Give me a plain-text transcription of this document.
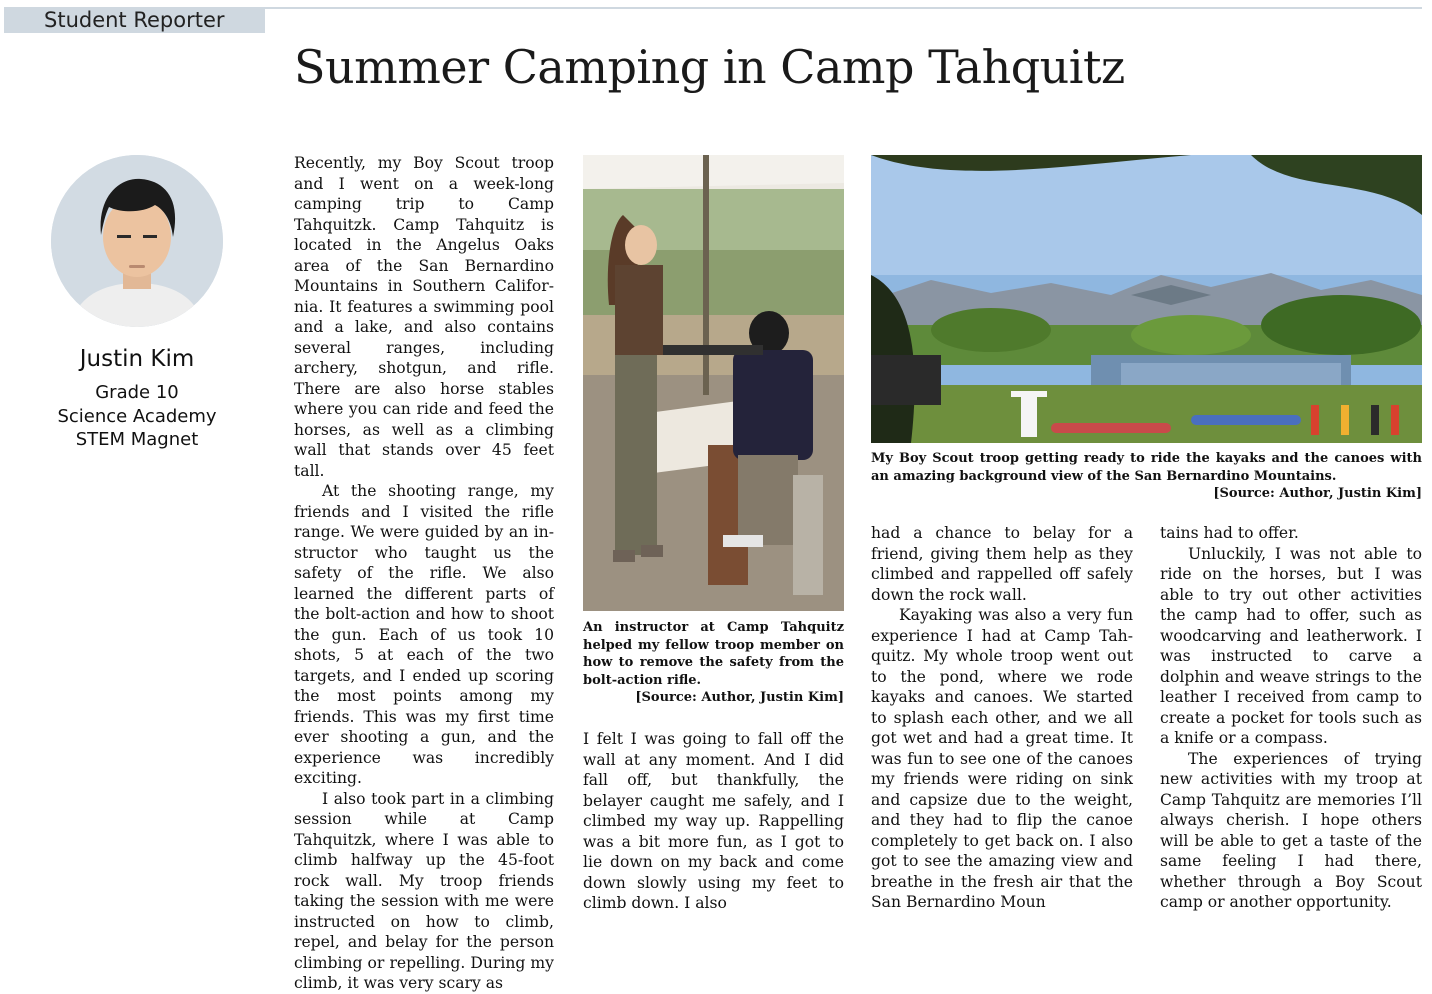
Student Reporter
Summer Camping in Camp Tahquitz
Justin Kim
Grade 10
Science Academy
STEM Magnet

Recently, my Boy Scout troop and I went on a week-long camping trip to Camp Tahquitzk. Camp Tahquitz is located in the Angelus Oaks area of the San Bernardino Mountains in Southern California. It features a swimming pool and a lake, and also contains several ranges, including archery, shotgun, and rifle. There are also horse stables where you can ride and feed the horses, as well as a climbing wall that stands over 45 feet tall.

At the shooting range, my friends and I visited the rifle range. We were guided by an instructor who taught us the safety of the rifle. We also learned the different parts of the bolt-action and how to shoot the gun. Each of us took 10 shots, 5 at each of the two targets, and I ended up scoring the most points among my friends. This was my first time ever shooting a gun, and the experience was incredibly exciting.

I also took part in a climbing session while at Camp Tahquitzk, where I was able to climb halfway up the 45-foot rock wall. My troop friends taking the session with me were instructed on how to climb, repel, and belay for the person climbing or repelling. During my climb, it was very scary as

An instructor at Camp Tahquitz helped my fellow troop member on how to remove the safety from the bolt-action rifle.
[Source: Author, Justin Kim]

I felt I was going to fall off the wall at any moment. And I did fall off, but thankfully, the belayer caught me safely, and I climbed my way up. Rappelling was a bit more fun, as I got to lie down on my back and come down slowly using my feet to climb down. I also

My Boy Scout troop getting ready to ride the kayaks and the canoes with an amazing background view of the San Bernardino Mountains.
[Source: Author, Justin Kim]

had a chance to belay for a friend, giving them help as they climbed and rappelled off safely down the rock wall.

Kayaking was also a very fun experience I had at Camp Tahquitz. My whole troop went out to the pond, where we rode kayaks and canoes. We started to splash each other, and we all got wet and had a great time. It was fun to see one of the canoes my friends were riding on sink and capsize due to the weight, and they had to flip the canoe completely to get back on. I also got to see the amazing view and breathe in the fresh air that the San Bernardino Moun

tains had to offer.

Unluckily, I was not able to ride on the horses, but I was able to try out other activities the camp had to offer, such as woodcarving and leatherwork. I was instructed to carve a dolphin and weave strings to the leather I received from camp to create a pocket for tools such as a knife or a compass.

The experiences of trying new activities with my troop at Camp Tahquitz are memories I’ll always cherish. I hope others will be able to get a taste of the same feeling I had there, whether through a Boy Scout camp or another opportunity.
